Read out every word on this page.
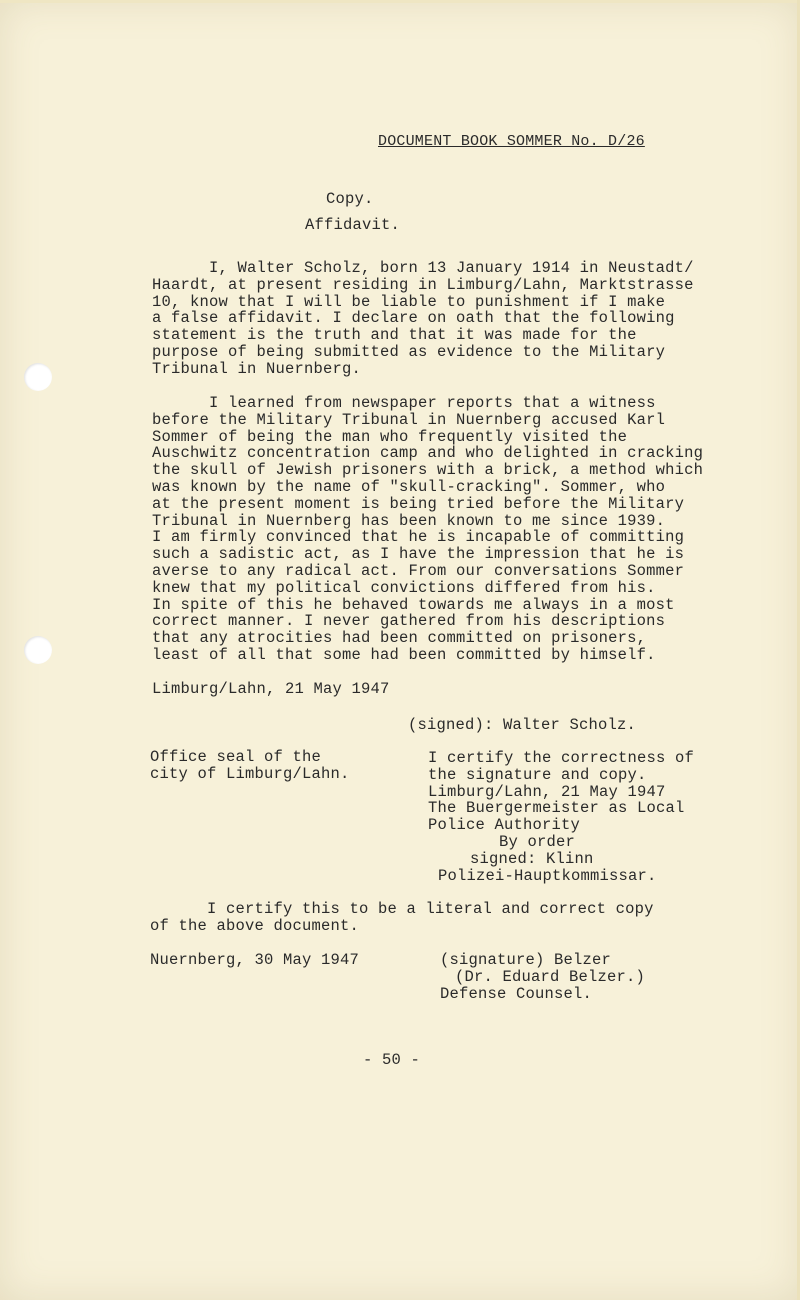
DOCUMENT BOOK SOMMER No. D/26

Copy.

Affidavit.

I, Walter Scholz, born 13 January 1914 in Neustadt/
Haardt, at present residing in Limburg/Lahn, Marktstrasse
10, know that I will be liable to punishment if I make
a false affidavit. I declare on oath that the following
statement is the truth and that it was made for the
purpose of being submitted as evidence to the Military
Tribunal in Nuernberg.

I learned from newspaper reports that a witness
before the Military Tribunal in Nuernberg accused Karl
Sommer of being the man who frequently visited the
Auschwitz concentration camp and who delighted in cracking
the skull of Jewish prisoners with a brick, a method which
was known by the name of "skull-cracking". Sommer, who
at the present moment is being tried before the Military
Tribunal in Nuernberg has been known to me since 1939.
I am firmly convinced that he is incapable of committing
such a sadistic act, as I have the impression that he is
averse to any radical act. From our conversations Sommer
knew that my political convictions differed from his.
In spite of this he behaved towards me always in a most
correct manner. I never gathered from his descriptions
that any atrocities had been committed on prisoners,
least of all that some had been committed by himself.

Limburg/Lahn, 21 May 1947

(signed): Walter Scholz.

Office seal of the
city of Limburg/Lahn.

I certify the correctness of
the signature and copy.
Limburg/Lahn, 21 May 1947
The Buergermeister as Local
Police Authority

By order

signed: Klinn

Polizei-Hauptkommissar.

I certify this to be a literal and correct copy
of the above document.

Nuernberg, 30 May 1947	(signature) Belzer

(Dr. Eduard Belzer.)

Defense Counsel.

- 50 -
